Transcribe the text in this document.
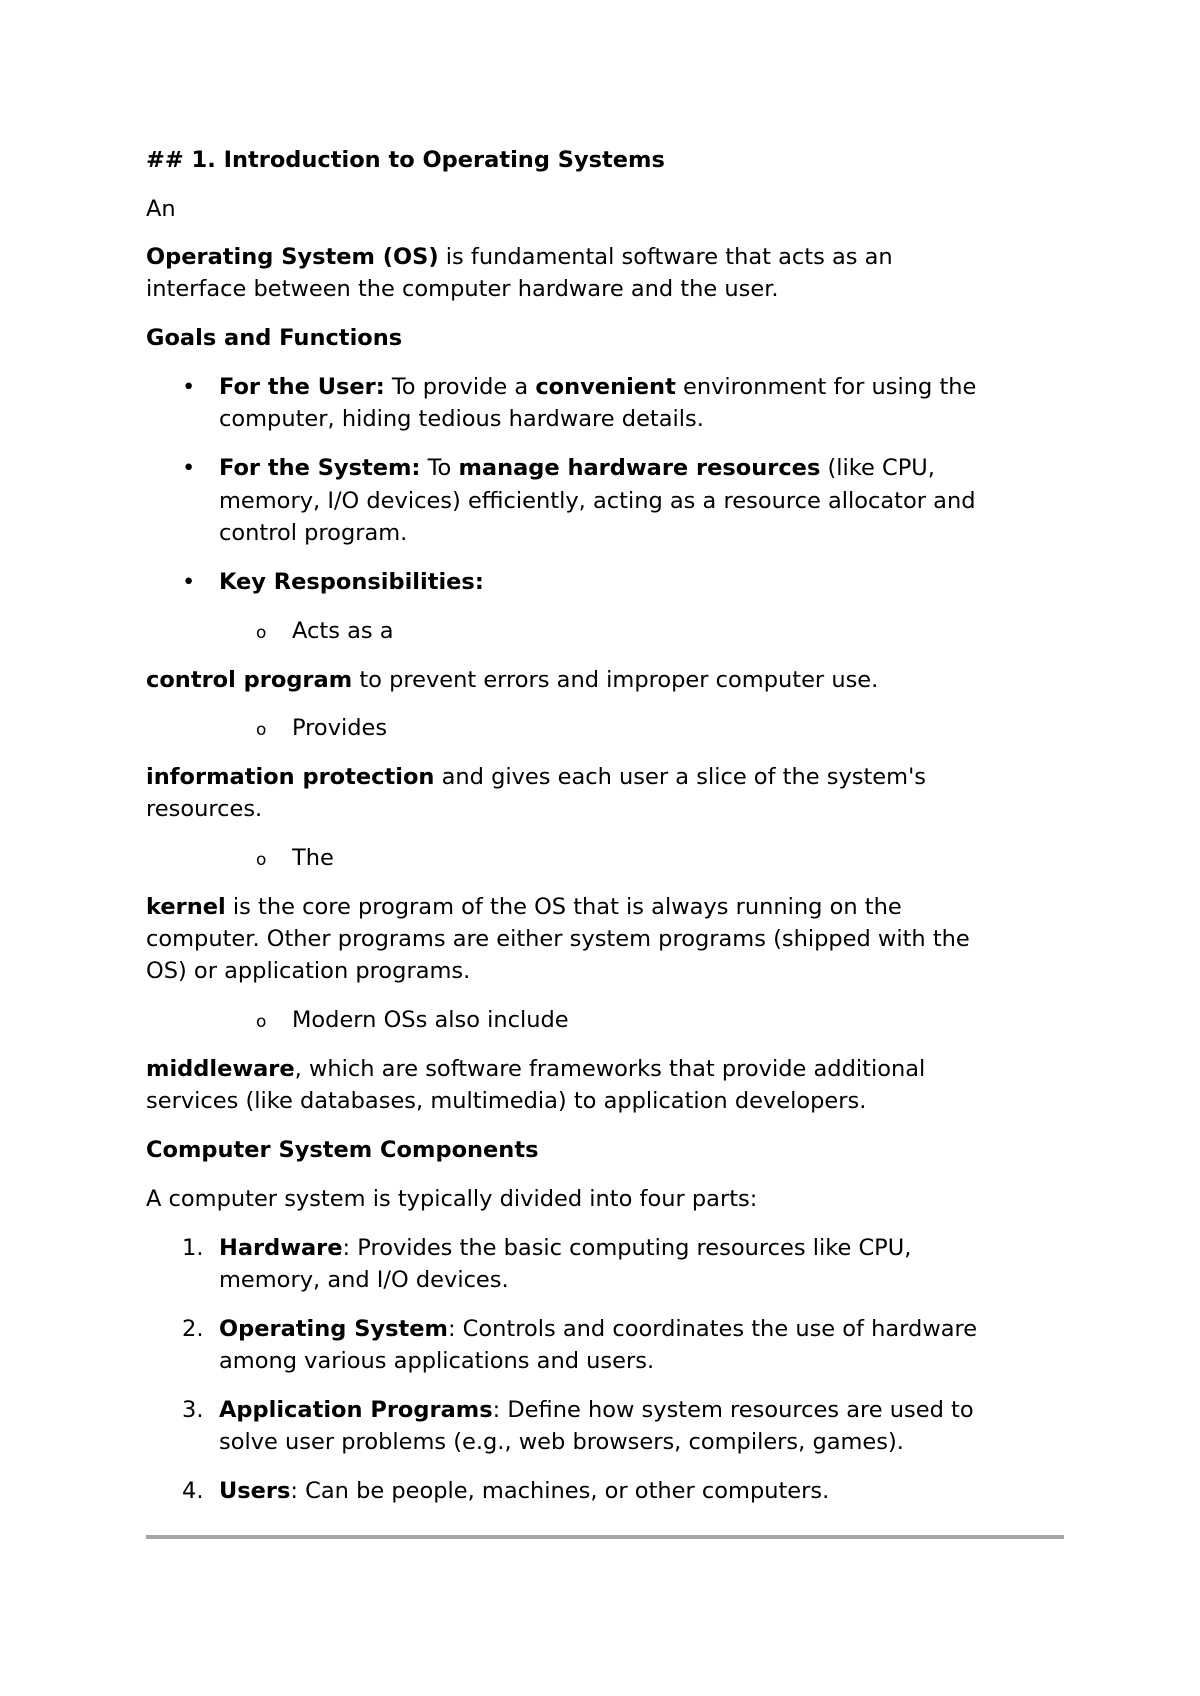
## 1. Introduction to Operating Systems
An
Operating System (OS) is fundamental software that acts as an
interface between the computer hardware and the user.
Goals and Functions
• For the User: To provide a convenient environment for using the
computer, hiding tedious hardware details.
• For the System: To manage hardware resources (like CPU,
memory, I/O devices) efficiently, acting as a resource allocator and
control program.
• Key Responsibilities:
o Acts as a
control program to prevent errors and improper computer use.
o Provides
information protection and gives each user a slice of the system's
resources.
o The
kernel is the core program of the OS that is always running on the
computer. Other programs are either system programs (shipped with the
OS) or application programs.
o Modern OSs also include
middleware, which are software frameworks that provide additional
services (like databases, multimedia) to application developers.
Computer System Components
A computer system is typically divided into four parts:
1. Hardware: Provides the basic computing resources like CPU,
memory, and I/O devices.
2. Operating System: Controls and coordinates the use of hardware
among various applications and users.
3. Application Programs: Define how system resources are used to
solve user problems (e.g., web browsers, compilers, games).
4. Users: Can be people, machines, or other computers.
